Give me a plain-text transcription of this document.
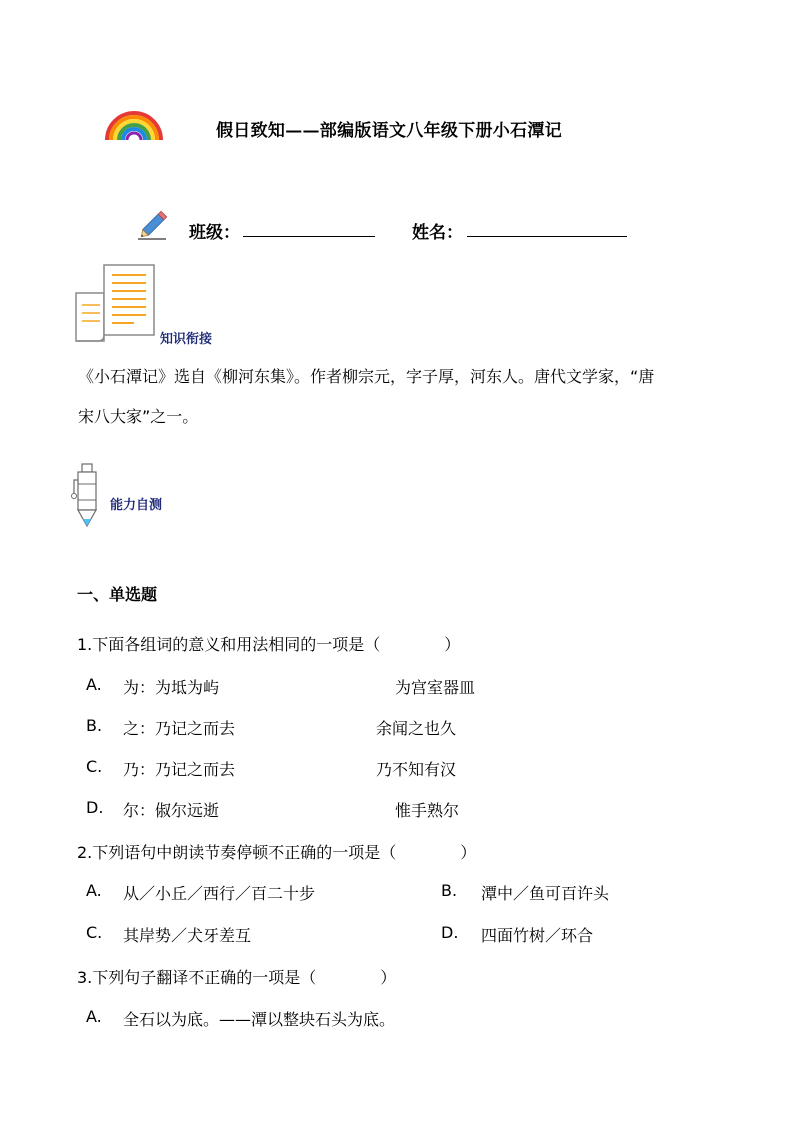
假日致知——部编版语文八年级下册小石潭记
班级：	姓名：
知识衔接
《小石潭记》选自《柳河东集》。作者柳宗元，字子厚，河东人。唐代文学家，“唐
宋八大家”之一。
能力自测
一、单选题
1.下面各组词的意义和用法相同的一项是（　　　　）
A. 为：为坻为屿	为宫室器皿
B. 之：乃记之而去	余闻之也久
C. 乃：乃记之而去	乃不知有汉
D. 尔：俶尔远逝	惟手熟尔
2.下列语句中朗读节奏停顿不正确的一项是（　　　　）
A. 从／小丘／西行／百二十步	B. 潭中／鱼可百许头
C. 其岸势／犬牙差互	D. 四面竹树／环合
3.下列句子翻译不正确的一项是（　　　　）
A. 全石以为底。——潭以整块石头为底。
